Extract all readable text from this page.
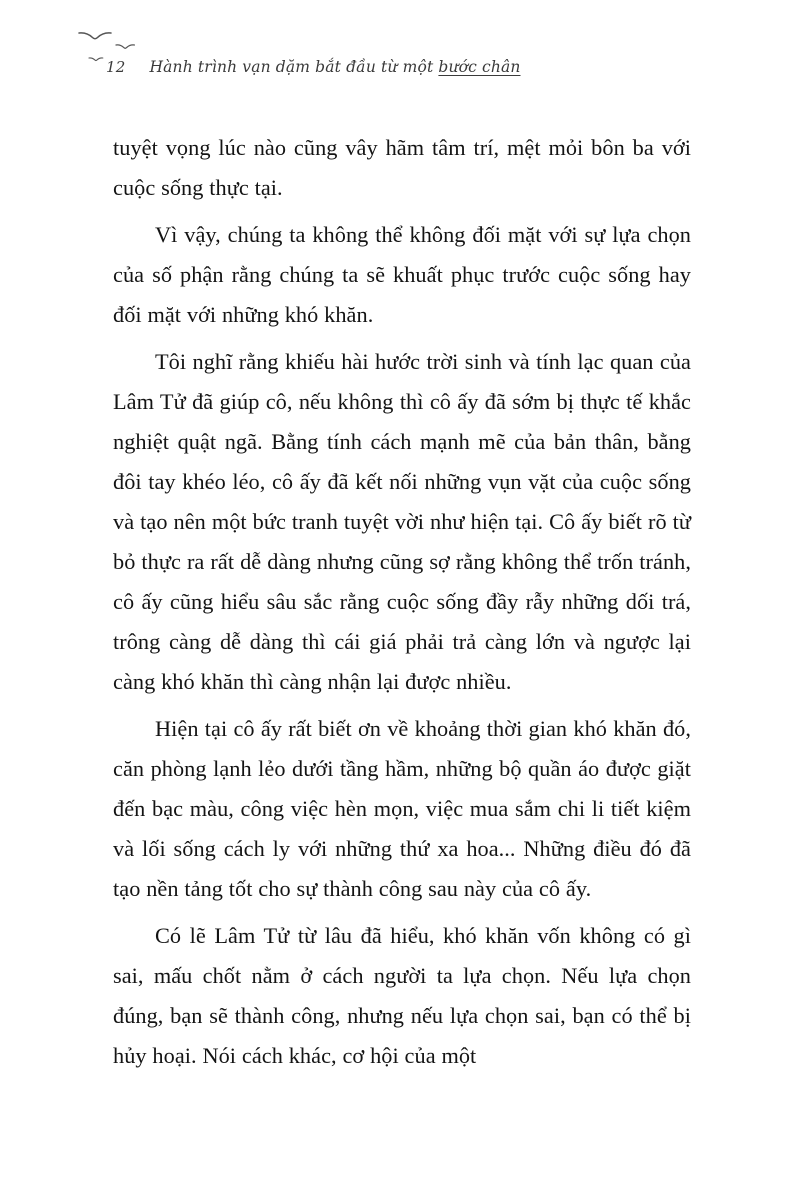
12 Hành trình vạn dặm bắt đầu từ một bước chân

tuyệt vọng lúc nào cũng vây hãm tâm trí, mệt mỏi bôn ba với cuộc sống thực tại.

Vì vậy, chúng ta không thể không đối mặt với sự lựa chọn của số phận rằng chúng ta sẽ khuất phục trước cuộc sống hay đối mặt với những khó khăn.

Tôi nghĩ rằng khiếu hài hước trời sinh và tính lạc quan của Lâm Tử đã giúp cô, nếu không thì cô ấy đã sớm bị thực tế khắc nghiệt quật ngã. Bằng tính cách mạnh mẽ của bản thân, bằng đôi tay khéo léo, cô ấy đã kết nối những vụn vặt của cuộc sống và tạo nên một bức tranh tuyệt vời như hiện tại. Cô ấy biết rõ từ bỏ thực ra rất dễ dàng nhưng cũng sợ rằng không thể trốn tránh, cô ấy cũng hiểu sâu sắc rằng cuộc sống đầy rẫy những dối trá, trông càng dễ dàng thì cái giá phải trả càng lớn và ngược lại càng khó khăn thì càng nhận lại được nhiều.

Hiện tại cô ấy rất biết ơn về khoảng thời gian khó khăn đó, căn phòng lạnh lẻo dưới tầng hầm, những bộ quần áo được giặt đến bạc màu, công việc hèn mọn, việc mua sắm chi li tiết kiệm và lối sống cách ly với những thứ xa hoa... Những điều đó đã tạo nền tảng tốt cho sự thành công sau này của cô ấy.

Có lẽ Lâm Tử từ lâu đã hiểu, khó khăn vốn không có gì sai, mấu chốt nằm ở cách người ta lựa chọn. Nếu lựa chọn đúng, bạn sẽ thành công, nhưng nếu lựa chọn sai, bạn có thể bị hủy hoại. Nói cách khác, cơ hội của một
